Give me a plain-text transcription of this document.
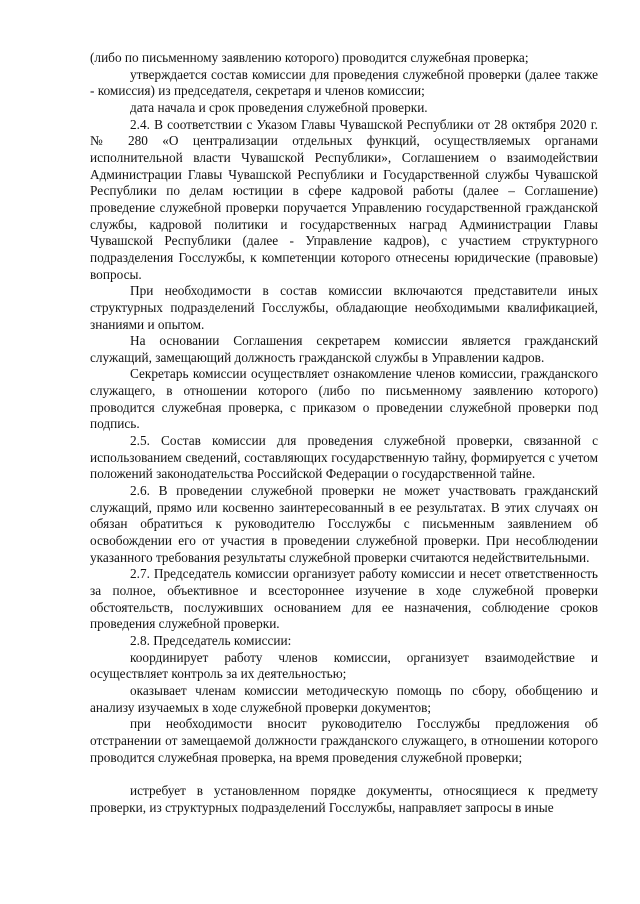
(либо по письменному заявлению которого) проводится служебная проверка;

утверждается состав комиссии для проведения служебной проверки (далее также - комиссия) из председателя, секретаря и членов комиссии;

дата начала и срок проведения служебной проверки.

2.4. В соответствии с Указом Главы Чувашской Республики от 28 октября 2020 г. № 280 «О централизации отдельных функций, осуществляемых органами исполнительной власти Чувашской Республики», Соглашением о взаимодействии Администрации Главы Чувашской Республики и Государственной службы Чувашской Республики по делам юстиции в сфере кадровой работы (далее – Соглашение) проведение служебной проверки поручается Управлению государственной гражданской службы, кадровой политики и государственных наград Администрации Главы Чувашской Республики (далее - Управление кадров), с участием структурного подразделения Госслужбы, к компетенции которого отнесены юридические (правовые) вопросы.

При необходимости в состав комиссии включаются представители иных структурных подразделений Госслужбы, обладающие необходимыми квалификацией, знаниями и опытом.

На основании Соглашения секретарем комиссии является гражданский служащий, замещающий должность гражданской службы в Управлении кадров.

Секретарь комиссии осуществляет ознакомление членов комиссии, гражданского служащего, в отношении которого (либо по письменному заявлению которого) проводится служебная проверка, с приказом о проведении служебной проверки под подпись.

2.5. Состав комиссии для проведения служебной проверки, связанной с использованием сведений, составляющих государственную тайну, формируется с учетом положений законодательства Российской Федерации о государственной тайне.

2.6. В проведении служебной проверки не может участвовать гражданский служащий, прямо или косвенно заинтересованный в ее результатах. В этих случаях он обязан обратиться к руководителю Госслужбы с письменным заявлением об освобождении его от участия в проведении служебной проверки. При несоблюдении указанного требования результаты служебной проверки считаются недействительными.

2.7. Председатель комиссии организует работу комиссии и несет ответственность за полное, объективное и всестороннее изучение в ходе служебной проверки обстоятельств, послуживших основанием для ее назначения, соблюдение сроков проведения служебной проверки.

2.8. Председатель комиссии:

координирует работу членов комиссии, организует взаимодействие и осуществляет контроль за их деятельностью;

оказывает членам комиссии методическую помощь по сбору, обобщению и анализу изучаемых в ходе служебной проверки документов;

при необходимости вносит руководителю Госслужбы предложения об отстранении от замещаемой должности гражданского служащего, в отношении которого проводится служебная проверка, на время проведения служебной проверки;

истребует в установленном порядке документы, относящиеся к предмету проверки, из структурных подразделений Госслужбы, направляет запросы в иные
